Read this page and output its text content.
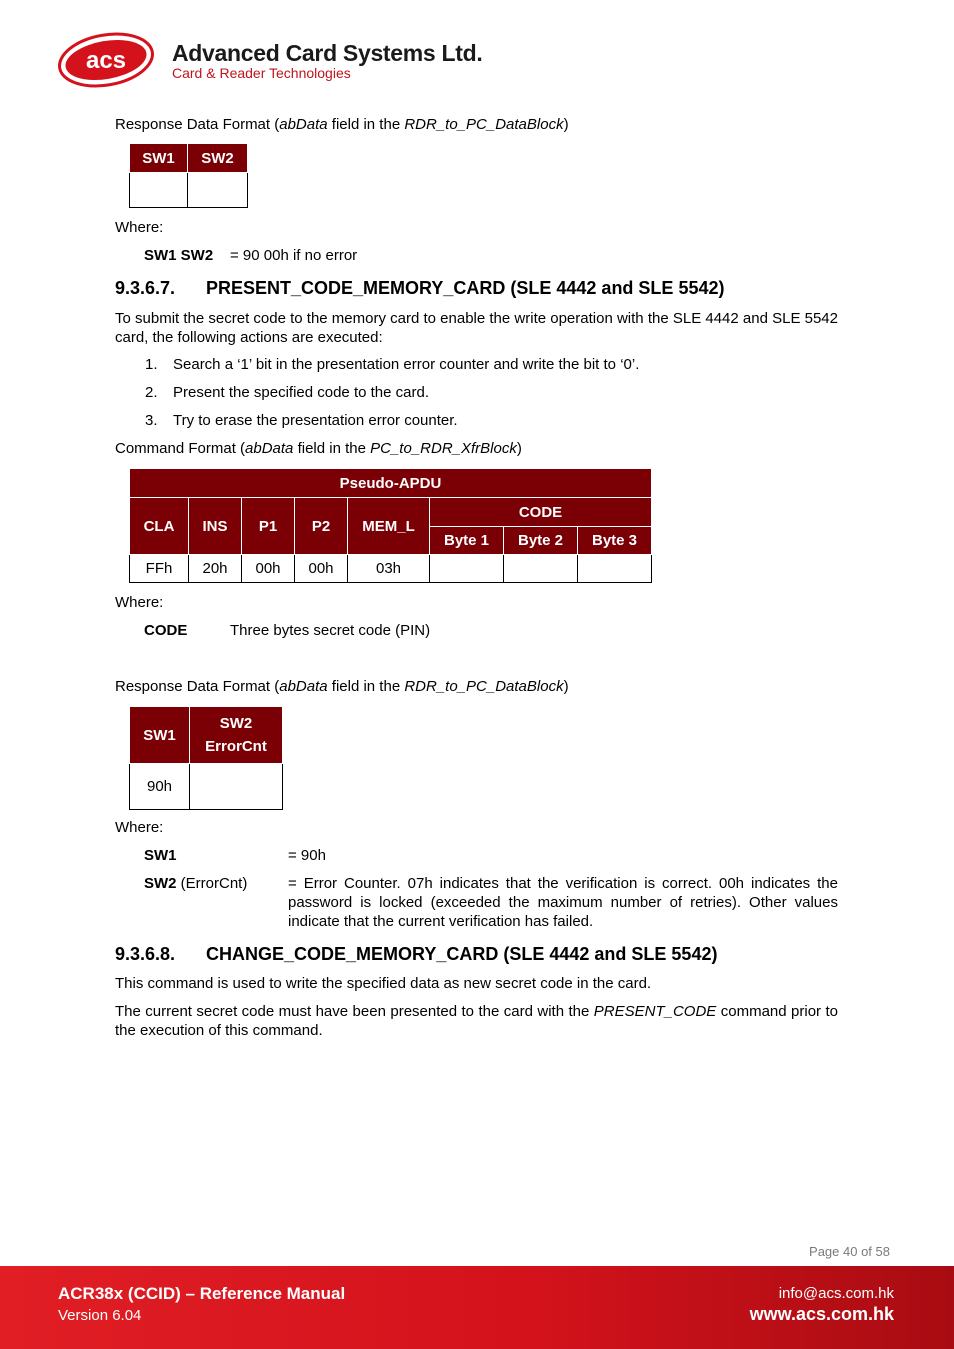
acs Advanced Card Systems Ltd.
Card & Reader Technologies
Response Data Format (abData field in the RDR_to_PC_DataBlock)
SW1	SW2

Where:
SW1 SW2 = 90 00h if no error
9.3.6.7. PRESENT_CODE_MEMORY_CARD (SLE 4442 and SLE 5542)
To submit the secret code to the memory card to enable the write operation with the SLE 4442 and SLE 5542 card, the following actions are executed:
1. Search a ‘1’ bit in the presentation error counter and write the bit to ‘0’.
2. Present the specified code to the card.
3. Try to erase the presentation error counter.
Command Format (abData field in the PC_to_RDR_XfrBlock)
Pseudo-APDU							
CLA	INS	P1	P2	MEM_L	CODE		
					Byte 1	Byte 2	Byte 3
FFh	20h	00h	00h	03h			
Where:
CODE	Three bytes secret code (PIN)
Response Data Format (abData field in the RDR_to_PC_DataBlock)
SW1	SW2
ErrorCnt
90h	
Where:
SW1	= 90h
SW2 (ErrorCnt)	= Error Counter. 07h indicates that the verification is correct. 00h indicates the password is locked (exceeded the maximum number of retries). Other values indicate that the current verification has failed.
9.3.6.8. CHANGE_CODE_MEMORY_CARD (SLE 4442 and SLE 5542)
This command is used to write the specified data as new secret code in the card.
The current secret code must have been presented to the card with the PRESENT_CODE command prior to the execution of this command.
Page 40 of 58
ACR38x (CCID) – Reference Manual
Version 6.04
info@acs.com.hk
www.acs.com.hk
